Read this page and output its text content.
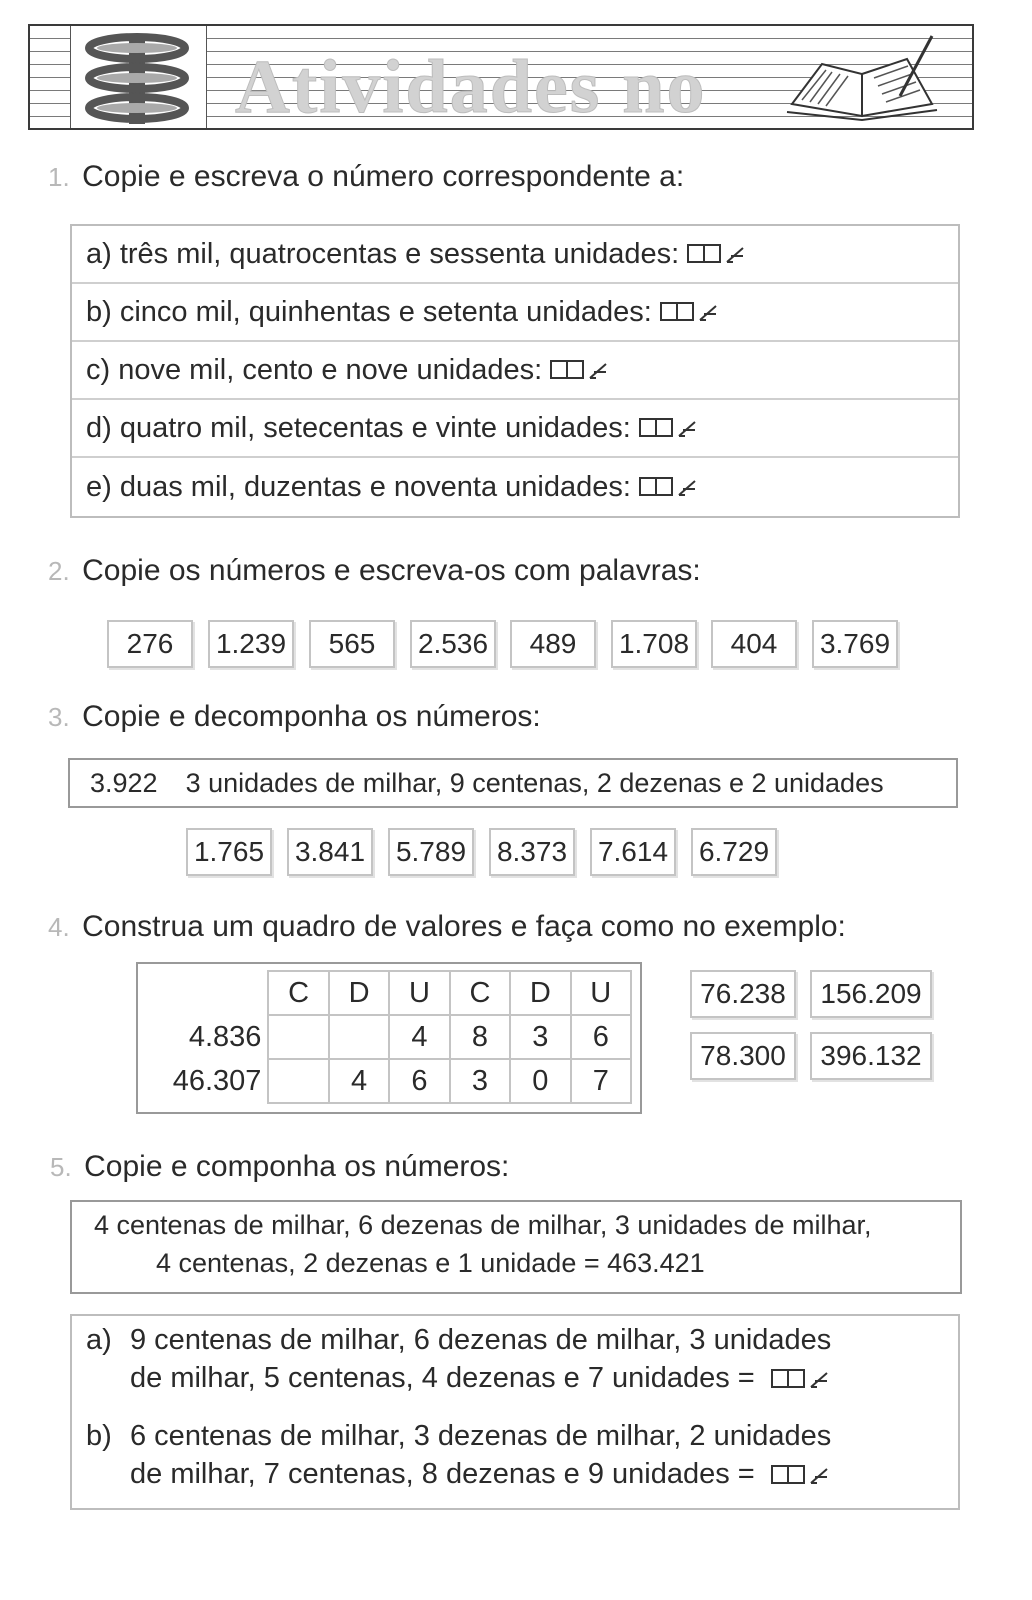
Atividades no
1. Copie e escreva o número correspondente a:
a) três mil, quatrocentas e sessenta unidades:
b) cinco mil, quinhentas e setenta unidades:
c) nove mil, cento e nove unidades:
d) quatro mil, setecentas e vinte unidades:
e) duas mil, duzentas e noventa unidades:
2. Copie os números e escreva-os com palavras:
276	1.239	565	2.536	489	1.708	404	3.769
3. Copie e decomponha os números:
3.922 3 unidades de milhar, 9 centenas, 2 dezenas e 2 unidades
1.765 3.841 5.789 8.373 7.614 6.729
4. Construa um quadro de valores e faça como no exemplo:
	C	D	U	C	D	U
4.836			4	8	3	6
46.307		4	6	3	0	7
76.238	156.209
78.300	396.132
5. Copie e componha os números:
4 centenas de milhar, 6 dezenas de milhar, 3 unidades de milhar,
4 centenas, 2 dezenas e 1 unidade = 463.421
a) 9 centenas de milhar, 6 dezenas de milhar, 3 unidades
de milhar, 5 centenas, 4 dezenas e 7 unidades =
b) 6 centenas de milhar, 3 dezenas de milhar, 2 unidades
de milhar, 7 centenas, 8 dezenas e 9 unidades =
